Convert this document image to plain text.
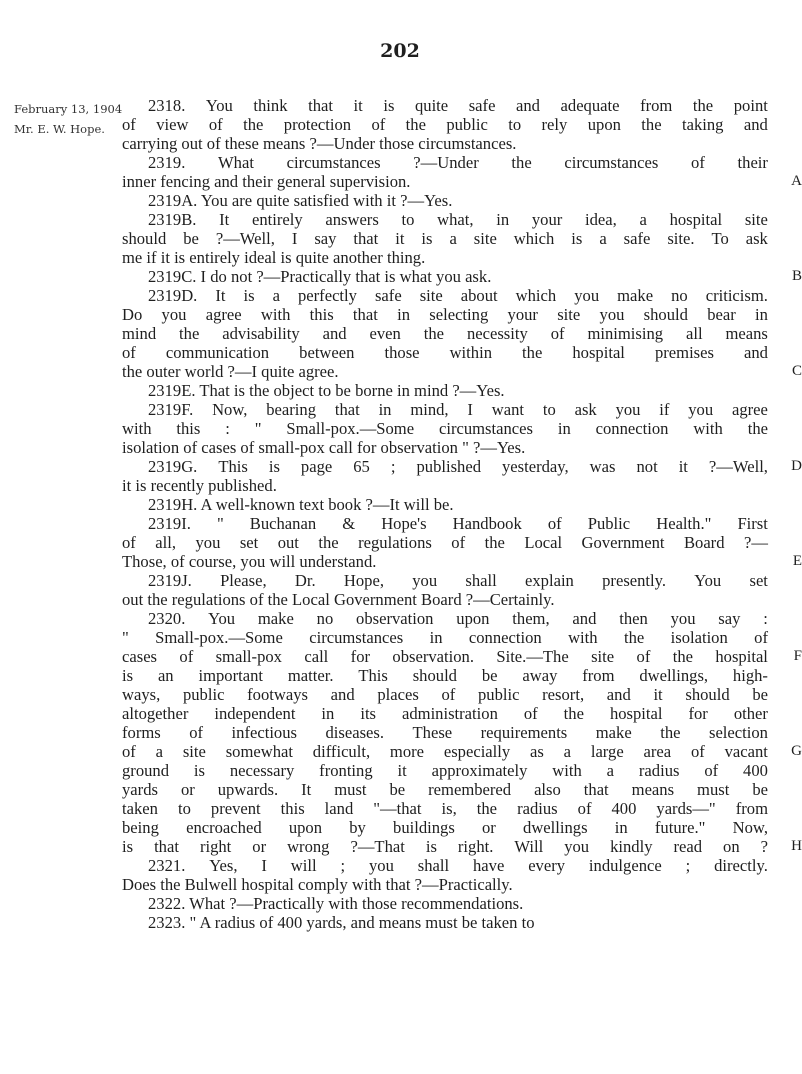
202
February 13, 1904
Mr. E. W. Hope.
2318. You think that it is quite safe and adequate from the point
of view of the protection of the public to rely upon the taking and
carrying out of these means ?—Under those circumstances.
2319. What circumstances ?—Under the circumstances of their
inner fencing and their general supervision.	A
2319A. You are quite satisfied with it ?—Yes.
2319B. It entirely answers to what, in your idea, a hospital site
should be ?—Well, I say that it is a site which is a safe site. To ask
me if it is entirely ideal is quite another thing.
2319C. I do not ?—Practically that is what you ask.	B
2319D. It is a perfectly safe site about which you make no criticism.
Do you agree with this that in selecting your site you should bear in
mind the advisability and even the necessity of minimising all means
of communication between those within the hospital premises and
the outer world ?—I quite agree.	C
2319E. That is the object to be borne in mind ?—Yes.
2319F. Now, bearing that in mind, I want to ask you if you agree
with this : " Small-pox.—Some circumstances in connection with the
isolation of cases of small-pox call for observation " ?—Yes.
2319G. This is page 65 ; published yesterday, was not it ?—Well, D
it is recently published.
2319H. A well-known text book ?—It will be.
2319I. " Buchanan & Hope's Handbook of Public Health." First
of all, you set out the regulations of the Local Government Board ?—
Those, of course, you will understand.	E
2319J. Please, Dr. Hope, you shall explain presently. You set
out the regulations of the Local Government Board ?—Certainly.
2320. You make no observation upon them, and then you say :
" Small-pox.—Some circumstances in connection with the isolation of
cases of small-pox call for observation. Site.—The site of the hospital F
is an important matter. This should be away from dwellings, high-
ways, public footways and places of public resort, and it should be
altogether independent in its administration of the hospital for other
forms of infectious diseases. These requirements make the selection
of a site somewhat difficult, more especially as a large area of vacant G
ground is necessary fronting it approximately with a radius of 400
yards or upwards. It must be remembered also that means must be
taken to prevent this land "—that is, the radius of 400 yards—" from
being encroached upon by buildings or dwellings in future." Now,
is that right or wrong ?—That is right. Will you kindly read on ? H
2321. Yes, I will ; you shall have every indulgence ; directly.
Does the Bulwell hospital comply with that ?—Practically.
2322. What ?—Practically with those recommendations.
2323. " A radius of 400 yards, and means must be taken to
